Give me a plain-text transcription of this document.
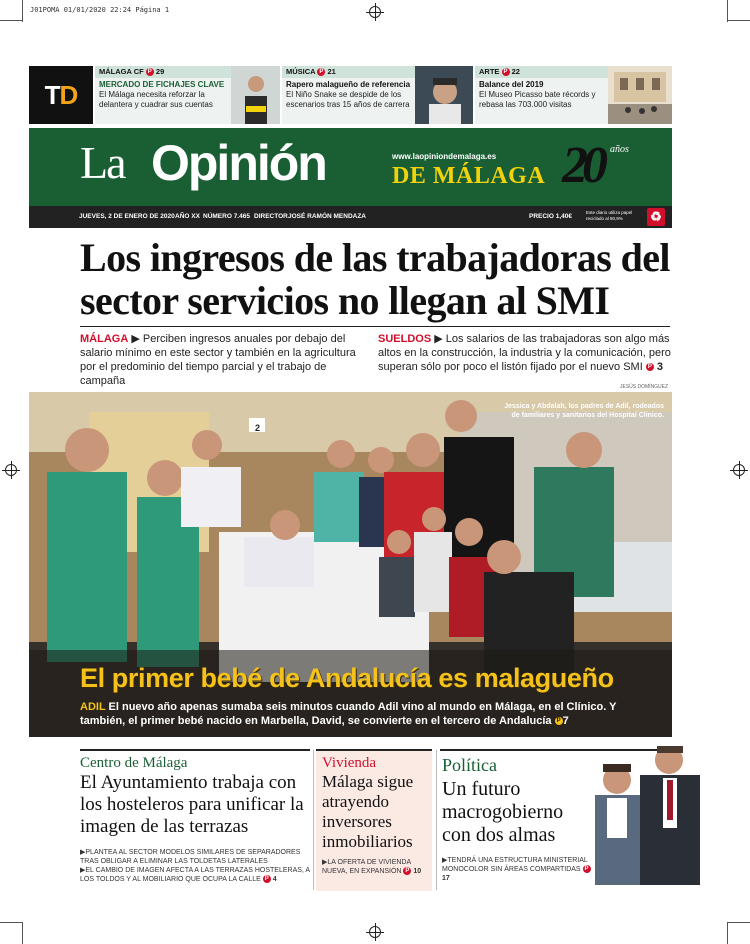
J01POMA 01/01/2020 22:24 Página 1
T D
MÁLAGA CF P 29
MERCADO DE FICHAJES CLAVE
El Málaga necesita reforzar la delantera y cuadrar sus cuentas
MÚSICA P 21
Rapero malagueño de referencia
El Niño Snake se despide de los escenarios tras 15 años de carrera
ARTE P 22
Balance del 2019
El Museo Picasso bate récords y rebasa las 703.000 visitas
La Opinión	www.laopiniondemalaga.es
DE MÁLAGA 20 años
JUEVES, 2 DE ENERO DE 2020 AÑO XX NÚMERO 7.465 DIRECTOR JOSÉ RAMÓN MENDAZA	PRECIO 1,40€
Este diario utiliza papel reciclado al 80,9%	♻
Los ingresos de las trabajadoras del sector servicios no llegan al SMI
MÁLAGA ▶ Perciben ingresos anuales por debajo del salario mínimo en este sector y también en la agricultura por el predominio del tiempo parcial y el trabajo de campaña
SUELDOS ▶ Los salarios de las trabajadoras son algo más altos en la construcción, la industria y la comunicación, pero superan sólo por poco el listón fijado por el nuevo SMI P 3
JESÚS DOMÍNGUEZ
2
Jessica y Abdalah, los padres de Adil, rodeados de familiares y sanitarios del Hospital Clínico.
El primer bebé de Andalucía es malagueño
ADIL El nuevo año apenas sumaba seis minutos cuando Adil vino al mundo en Málaga, en el Clínico. Y también, el primer bebé nacido en Marbella, David, se convierte en el tercero de Andalucía P 7
Centro de Málaga
El Ayuntamiento trabaja con los hosteleros para unificar la imagen de las terrazas
▶PLANTEA AL SECTOR MODELOS SIMILARES DE SEPARADORES TRAS OBLIGAR A ELIMINAR LAS TOLDETAS LATERALES
▶EL CAMBIO DE IMAGEN AFECTA A LAS TERRAZAS HOSTELERAS, A LOS TOLDOS Y AL MOBILIARIO QUE OCUPA LA CALLE P 4
Vivienda
Málaga sigue atrayendo inversores inmobiliarios
▶LA OFERTA DE VIVIENDA NUEVA, EN EXPANSIÓN P 10
Política
Un futuro macrogobierno con dos almas
▶TENDRÁ UNA ESTRUCTURA MINISTERIAL MONOCOLOR SIN ÁREAS COMPARTIDAS P 17
